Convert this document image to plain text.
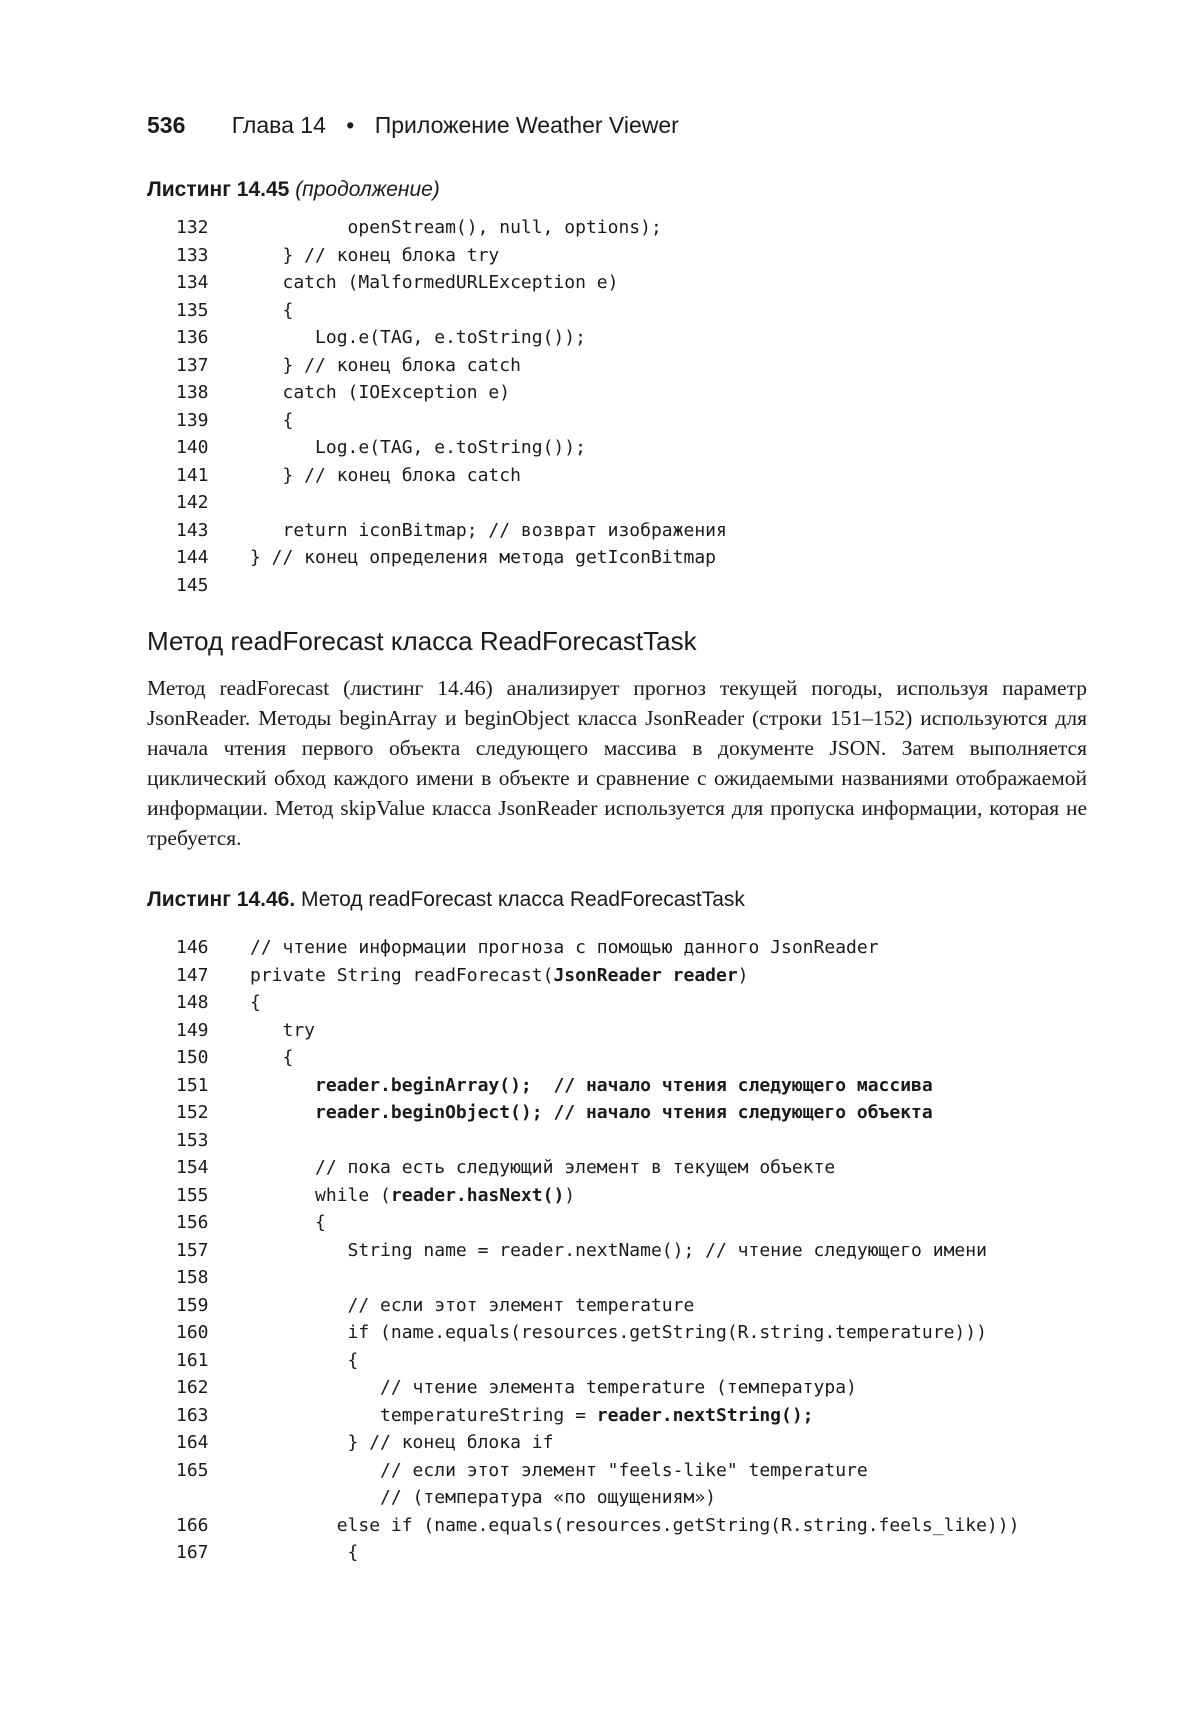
536 Глава 14 • Приложение Weather Viewer
Листинг 14.45 (продолжение)
132	openStream(), null, options);
133	} // конец блока try
134	catch (MalformedURLException e)
135	{
136	Log.e(TAG, e.toString());
137	} // конец блока catch
138	catch (IOException e)
139	{
140	Log.e(TAG, e.toString());
141	} // конец блока catch
142
143	return iconBitmap; // возврат изображения
144	} // конец определения метода getIconBitmap
145
Метод readForecast класса ReadForecastTask
Метод readForecast (листинг 14.46) анализирует прогноз текущей погоды, используя параметр JsonReader. Методы beginArray и beginObject класса JsonReader (строки 151–152) используются для начала чтения первого объекта следующего массива в документе JSON. Затем выполняется циклический обход каждого имени в объекте и сравнение с ожидаемыми названиями отображаемой информации. Метод skipValue класса JsonReader используется для пропуска информации, которая не требуется.
Листинг 14.46. Метод readForecast класса ReadForecastTask
146	// чтение информации прогноза с помощью данного JsonReader
147	private String readForecast(JsonReader reader)
148	{
149	try
150	{
151	reader.beginArray();  // начало чтения следующего массива
152	reader.beginObject(); // начало чтения следующего объекта
153
154	// пока есть следующий элемент в текущем объекте
155	while (reader.hasNext())
156	{
157	String name = reader.nextName(); // чтение следующего имени
158
159	// если этот элемент temperature
160	if (name.equals(resources.getString(R.string.temperature)))
161	{
162	// чтение элемента temperature (температура)
163	temperatureString = reader.nextString();
164	} // конец блока if
165	// если этот элемент "feels-like" temperature
// (температура «по ощущениям»)
166	else if (name.equals(resources.getString(R.string.feels_like)))
167	{
